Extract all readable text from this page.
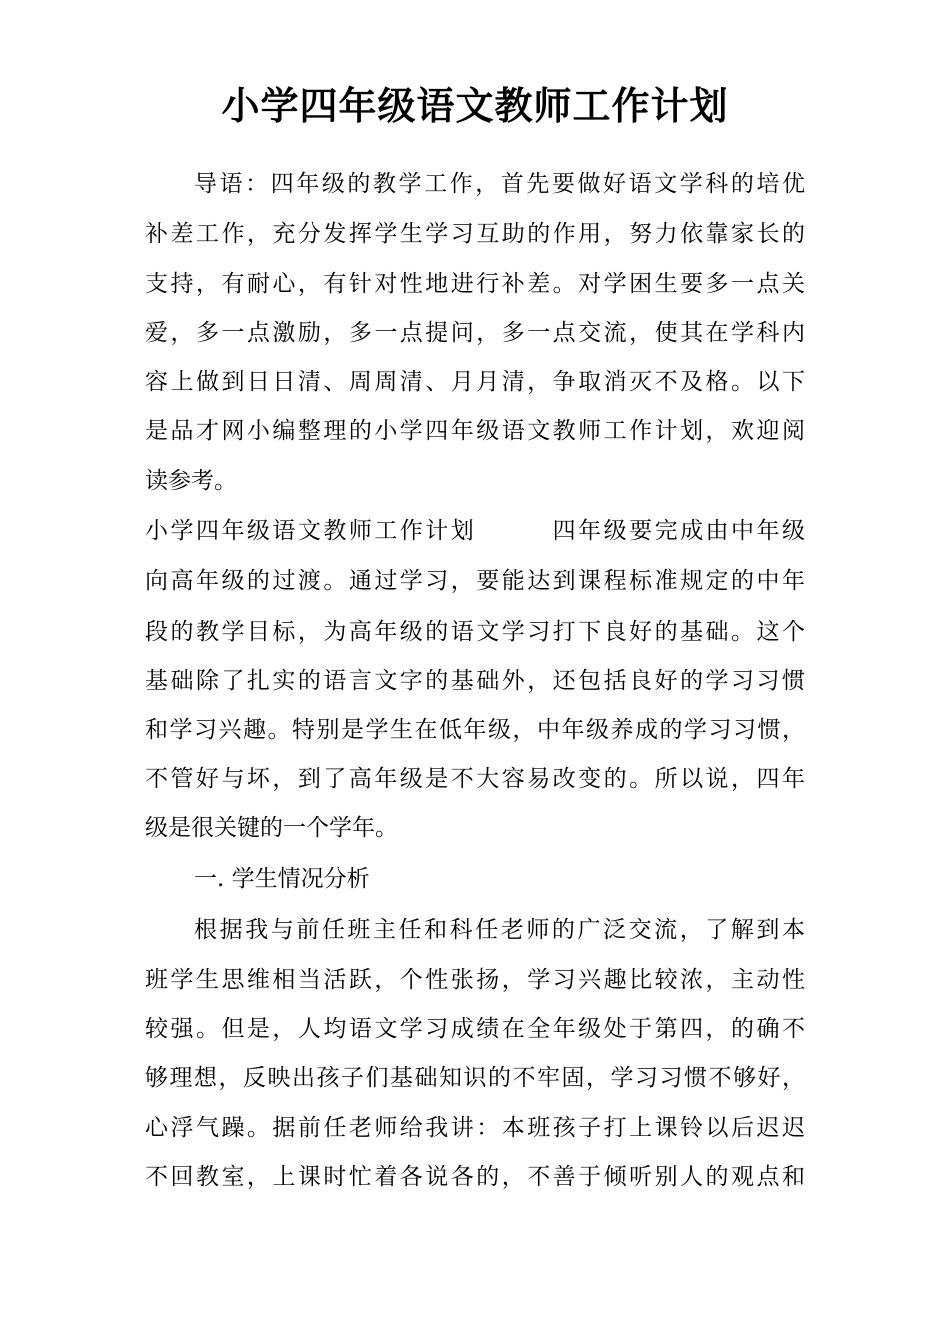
小学四年级语文教师工作计划
导语：四年级的教学工作，首先要做好语文学科的培优
补差工作，充分发挥学生学习互助的作用，努力依靠家长的
支持，有耐心，有针对性地进行补差。对学困生要多一点关
爱，多一点激励，多一点提问，多一点交流，使其在学科内
容上做到日日清、周周清、月月清，争取消灭不及格。以下
是品才网小编整理的小学四年级语文教师工作计划，欢迎阅
读参考。
小学四年级语文教师工作计划　　　四年级要完成由中年级
向高年级的过渡。通过学习，要能达到课程标准规定的中年
段的教学目标，为高年级的语文学习打下良好的基础。这个
基础除了扎实的语言文字的基础外，还包括良好的学习习惯
和学习兴趣。特别是学生在低年级，中年级养成的学习习惯，
不管好与坏，到了高年级是不大容易改变的。所以说，四年
级是很关键的一个学年。
一. 学生情况分析
根据我与前任班主任和科任老师的广泛交流，了解到本
班学生思维相当活跃，个性张扬，学习兴趣比较浓，主动性
较强。但是，人均语文学习成绩在全年级处于第四，的确不
够理想，反映出孩子们基础知识的不牢固，学习习惯不够好，
心浮气躁。据前任老师给我讲：本班孩子打上课铃以后迟迟
不回教室，上课时忙着各说各的，不善于倾听别人的观点和
